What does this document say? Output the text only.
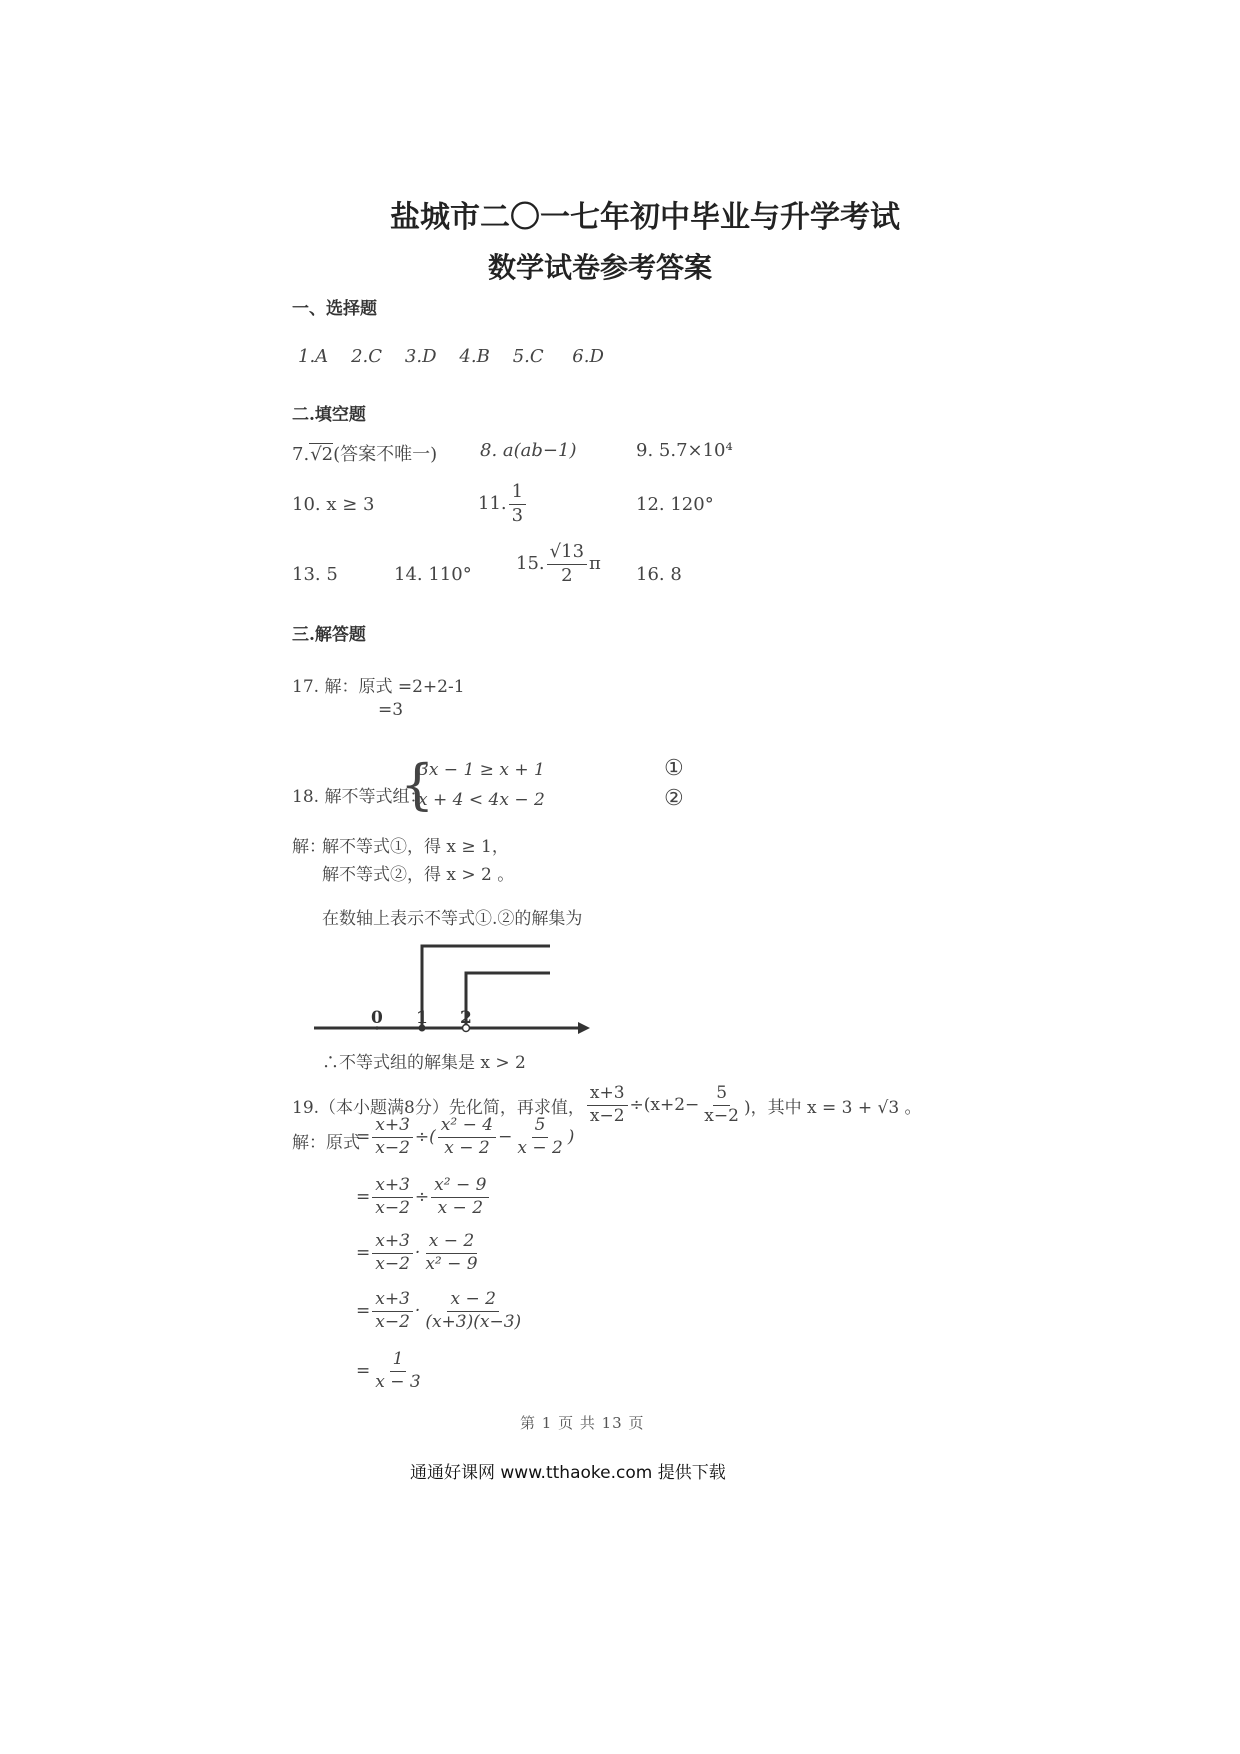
盐城市二〇一七年初中毕业与升学考试
数学试卷参考答案
一、选择题
1.A 2.C 3.D 4.B 5.C 6.D
二.填空题
7.√2(答案不唯一) 8. a(ab−1)	9. 5.7×10⁴
10. x ≥ 3	11. $\frac{1}{3}$	12. 120°
13. 5	14. 110°
15. $\frac{√13}{2}$ π
16. 8
三.解答题
17. 解：原式 =2+2-1
=3
18. 解不等式组：
{
3x − 1 ≥ x + 1
x + 4 < 4x − 2
①
②
解：
解不等式①，得 x ≥ 1，
解不等式②，得 x > 2 。
在数轴上表示不等式①.②的解集为
0 1 2
∴不等式组的解集是 x > 2
19.（本小题满8分）先化简，再求值， $\frac{x+3}{x-2} \div(x+2- \frac{5}{x-2}$ )，其中 x = 3 + √3 。
解：原式
= $\frac{x+3}{x-2}$ ÷( $\frac{\text{x² − 4}}{x - 2} - \frac{5}{x - 2}$ )
= $\frac{x+3}{x-2} \div \frac{\text{x² − 9}}{x - 2}$
= $\frac{x+3}{x-2} \cdot \frac{x - 2}{\text{x² − 9}}$
= $\frac{x+3}{x-2} \cdot \frac{x - 2}{(x+3)(x-3)}$
= $\frac{1}{x - 3}$
第 1 页 共 13 页
通通好课网 www.tthaoke.com 提供下载
